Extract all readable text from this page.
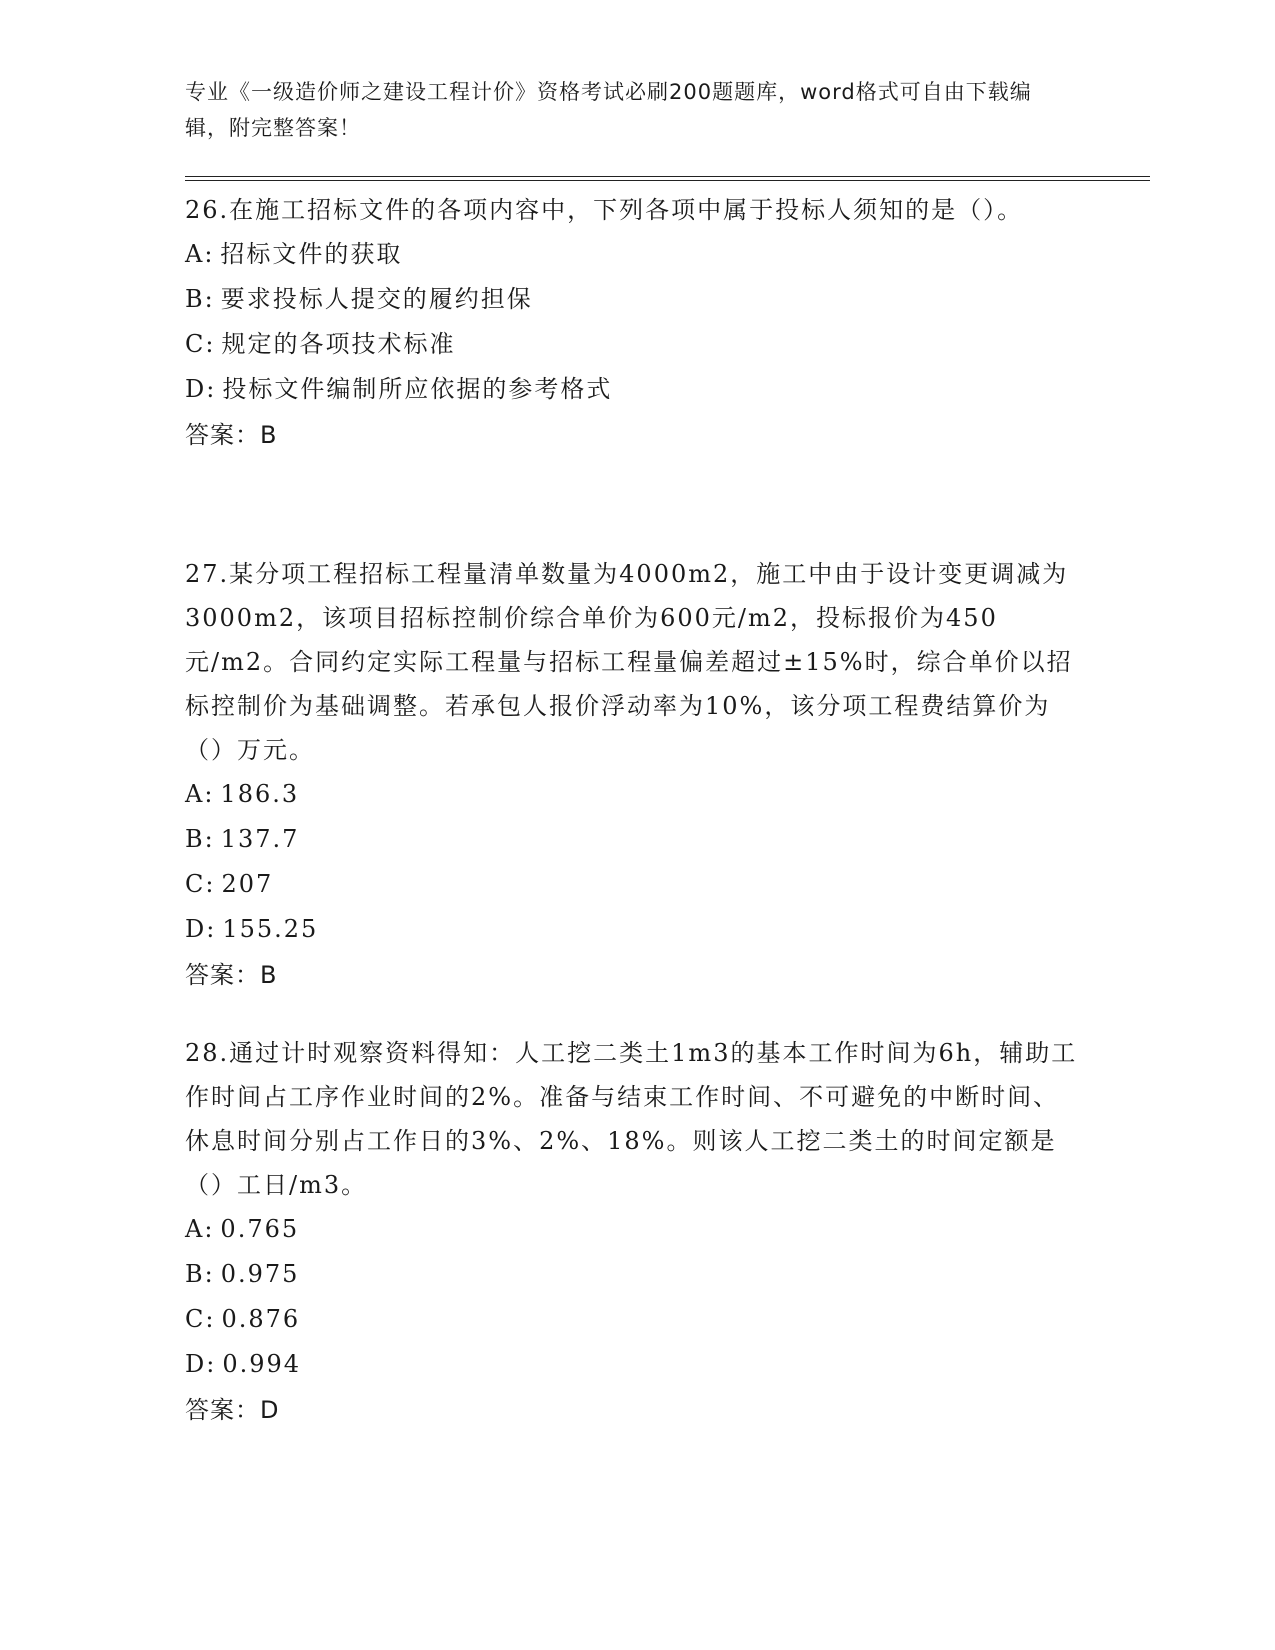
专业《一级造价师之建设工程计价》资格考试必刷200题题库，word格式可自由下载编辑，附完整答案！

26.在施工招标文件的各项内容中，下列各项中属于投标人须知的是（）。

A: 招标文件的获取
B: 要求投标人提交的履约担保
C: 规定的各项技术标准
D: 投标文件编制所应依据的参考格式
答案：B

27.某分项工程招标工程量清单数量为4000m2，施工中由于设计变更调减为3000m2，该项目招标控制价综合单价为600元/m2，投标报价为450元/m2。合同约定实际工程量与招标工程量偏差超过±15%时，综合单价以招标控制价为基础调整。若承包人报价浮动率为10%，该分项工程费结算价为（）万元。

A: 186.3
B: 137.7
C: 207
D: 155.25
答案：B

28.通过计时观察资料得知：人工挖二类土1m3的基本工作时间为6h，辅助工作时间占工序作业时间的2%。准备与结束工作时间、不可避免的中断时间、休息时间分别占工作日的3%、2%、18%。则该人工挖二类土的时间定额是（）工日/m3。

A: 0.765
B: 0.975
C: 0.876
D: 0.994
答案：D
